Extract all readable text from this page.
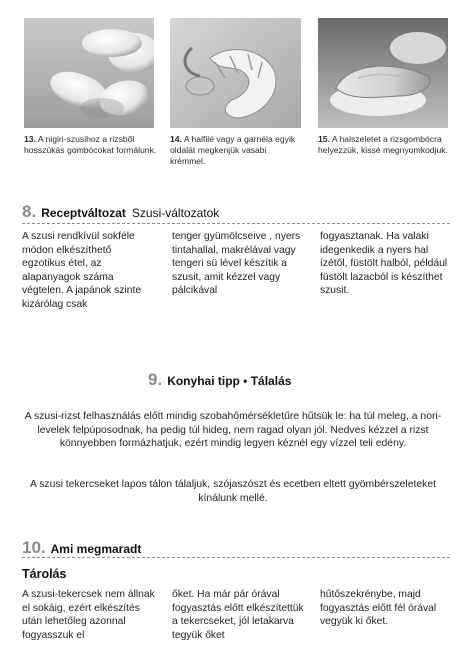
13. A nigiri-szusihoz a rizsből hosszúkás gombócokat formálunk.
14. A halfilé vagy a garnéla egyik oldalát megkenjük vasabi krémmel.
15. A halszeletet a rizsgombócra helyezzük, kissé megnyomkodjuk.
8. Receptváltozat Szusi-változatok
A szusi rendkívül sokféle módon elkészíthető egzotikus étel, az alapanyagok száma végtelen. A japánok szinte kizárólag csak
tenger gyümölcseive , nyers tintahallal, makrélával vagy tengeri sü lével készítik a szusit, amit kézzel vagy pálcikával
fogyasztanak. Ha valaki idegenkedik a nyers hal ízétől, füstölt halból, például füstölt lazacból is készíthet szusit.
9. Konyhai tipp • Tálalás
A szusi-rizst felhasználás előtt mindig szobahőmérsékletűre hűtsük le: ha túl meleg, a nori-levelek felpúposodnak, ha pedig túl hideg, nem ragad olyan jól. Nedves kézzel a rizst könnyebben formázhatjuk, ezért mindig legyen kéznél egy vízzel teli edény.
A szusi tekercseket lapos tálon tálaljuk, szójaszószt és ecetben eltett gyömbérszeleteket kínálunk mellé.
10. Ami megmaradt
Tárolás
A szusi-tekercsek nem állnak el sokáig, ezért elkészítés után lehetőleg azonnal fogyasszuk el
őket. Ha már pár órával fogyasztás előtt elkészítettük a tekercseket, jól letakarva tegyük őket
hűtőszekrénybe, majd fogyasztás előtt fél órával vegyük ki őket.
